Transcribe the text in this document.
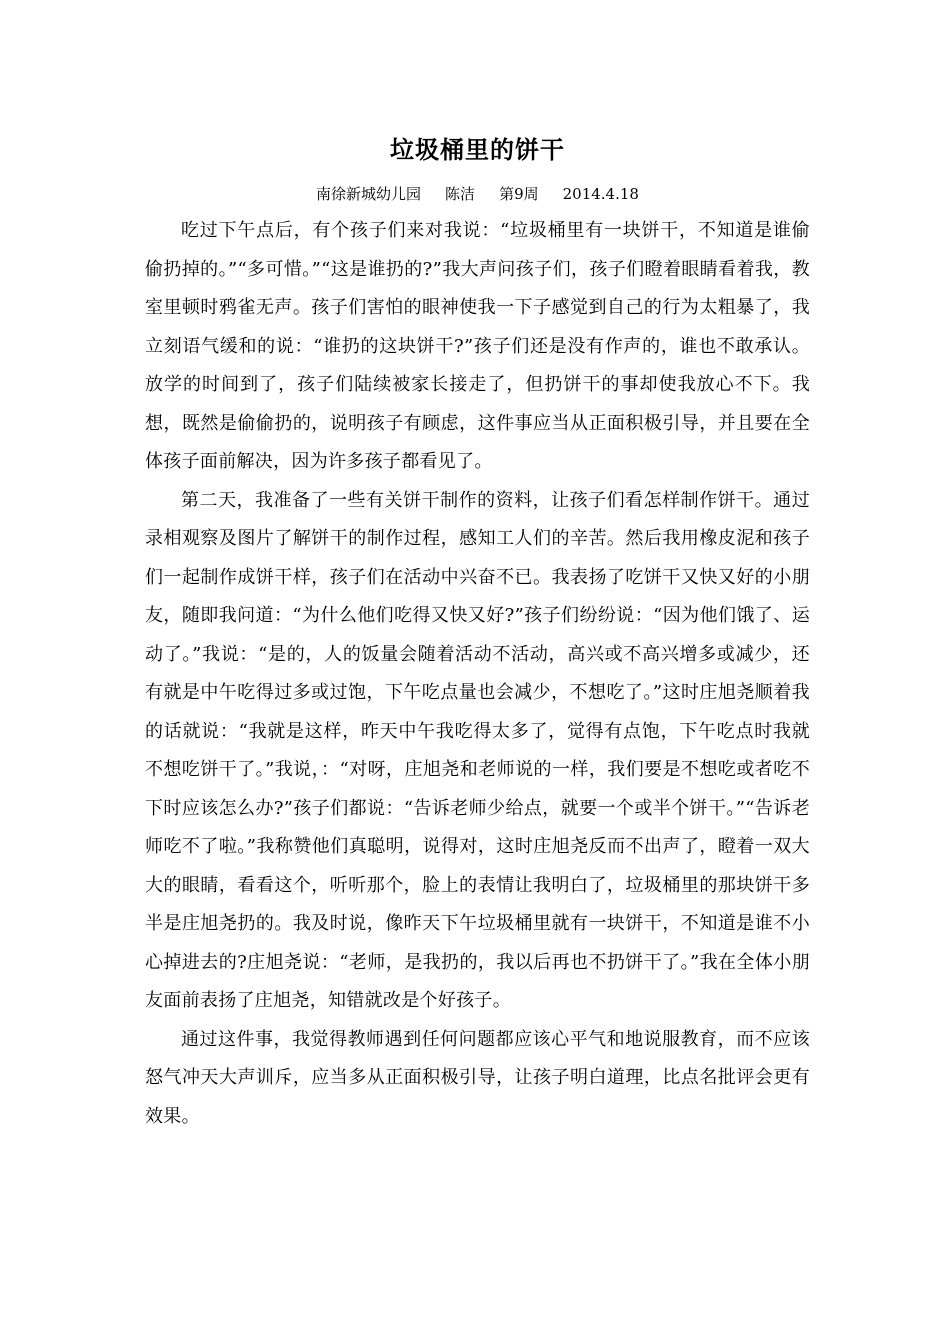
垃圾桶里的饼干
南徐新城幼儿园 陈洁 第9周 2014.4.18

吃过下午点后，有个孩子们来对我说：“垃圾桶里有一块饼干，不知道是谁偷偷扔掉的。”“多可惜。”“这是谁扔的?”我大声问孩子们，孩子们瞪着眼睛看着我，教室里顿时鸦雀无声。孩子们害怕的眼神使我一下子感觉到自己的行为太粗暴了，我立刻语气缓和的说：“谁扔的这块饼干?”孩子们还是没有作声的，谁也不敢承认。放学的时间到了，孩子们陆续被家长接走了，但扔饼干的事却使我放心不下。我想，既然是偷偷扔的，说明孩子有顾虑，这件事应当从正面积极引导，并且要在全体孩子面前解决，因为许多孩子都看见了。

第二天，我准备了一些有关饼干制作的资料，让孩子们看怎样制作饼干。通过录相观察及图片了解饼干的制作过程，感知工人们的辛苦。然后我用橡皮泥和孩子们一起制作成饼干样，孩子们在活动中兴奋不已。我表扬了吃饼干又快又好的小朋友，随即我问道：“为什么他们吃得又快又好?”孩子们纷纷说：“因为他们饿了、运动了。”我说：“是的，人的饭量会随着活动不活动，高兴或不高兴增多或减少，还有就是中午吃得过多或过饱，下午吃点量也会减少，不想吃了。”这时庄旭尧顺着我的话就说：“我就是这样，昨天中午我吃得太多了，觉得有点饱，下午吃点时我就不想吃饼干了。”我说，：“对呀，庄旭尧和老师说的一样，我们要是不想吃或者吃不下时应该怎么办?”孩子们都说：“告诉老师少给点，就要一个或半个饼干。”“告诉老师吃不了啦。”我称赞他们真聪明，说得对，这时庄旭尧反而不出声了，瞪着一双大大的眼睛，看看这个，听听那个，脸上的表情让我明白了，垃圾桶里的那块饼干多半是庄旭尧扔的。我及时说，像昨天下午垃圾桶里就有一块饼干，不知道是谁不小心掉进去的?庄旭尧说：“老师，是我扔的，我以后再也不扔饼干了。”我在全体小朋友面前表扬了庄旭尧，知错就改是个好孩子。

通过这件事，我觉得教师遇到任何问题都应该心平气和地说服教育，而不应该怒气冲天大声训斥，应当多从正面积极引导，让孩子明白道理，比点名批评会更有效果。
